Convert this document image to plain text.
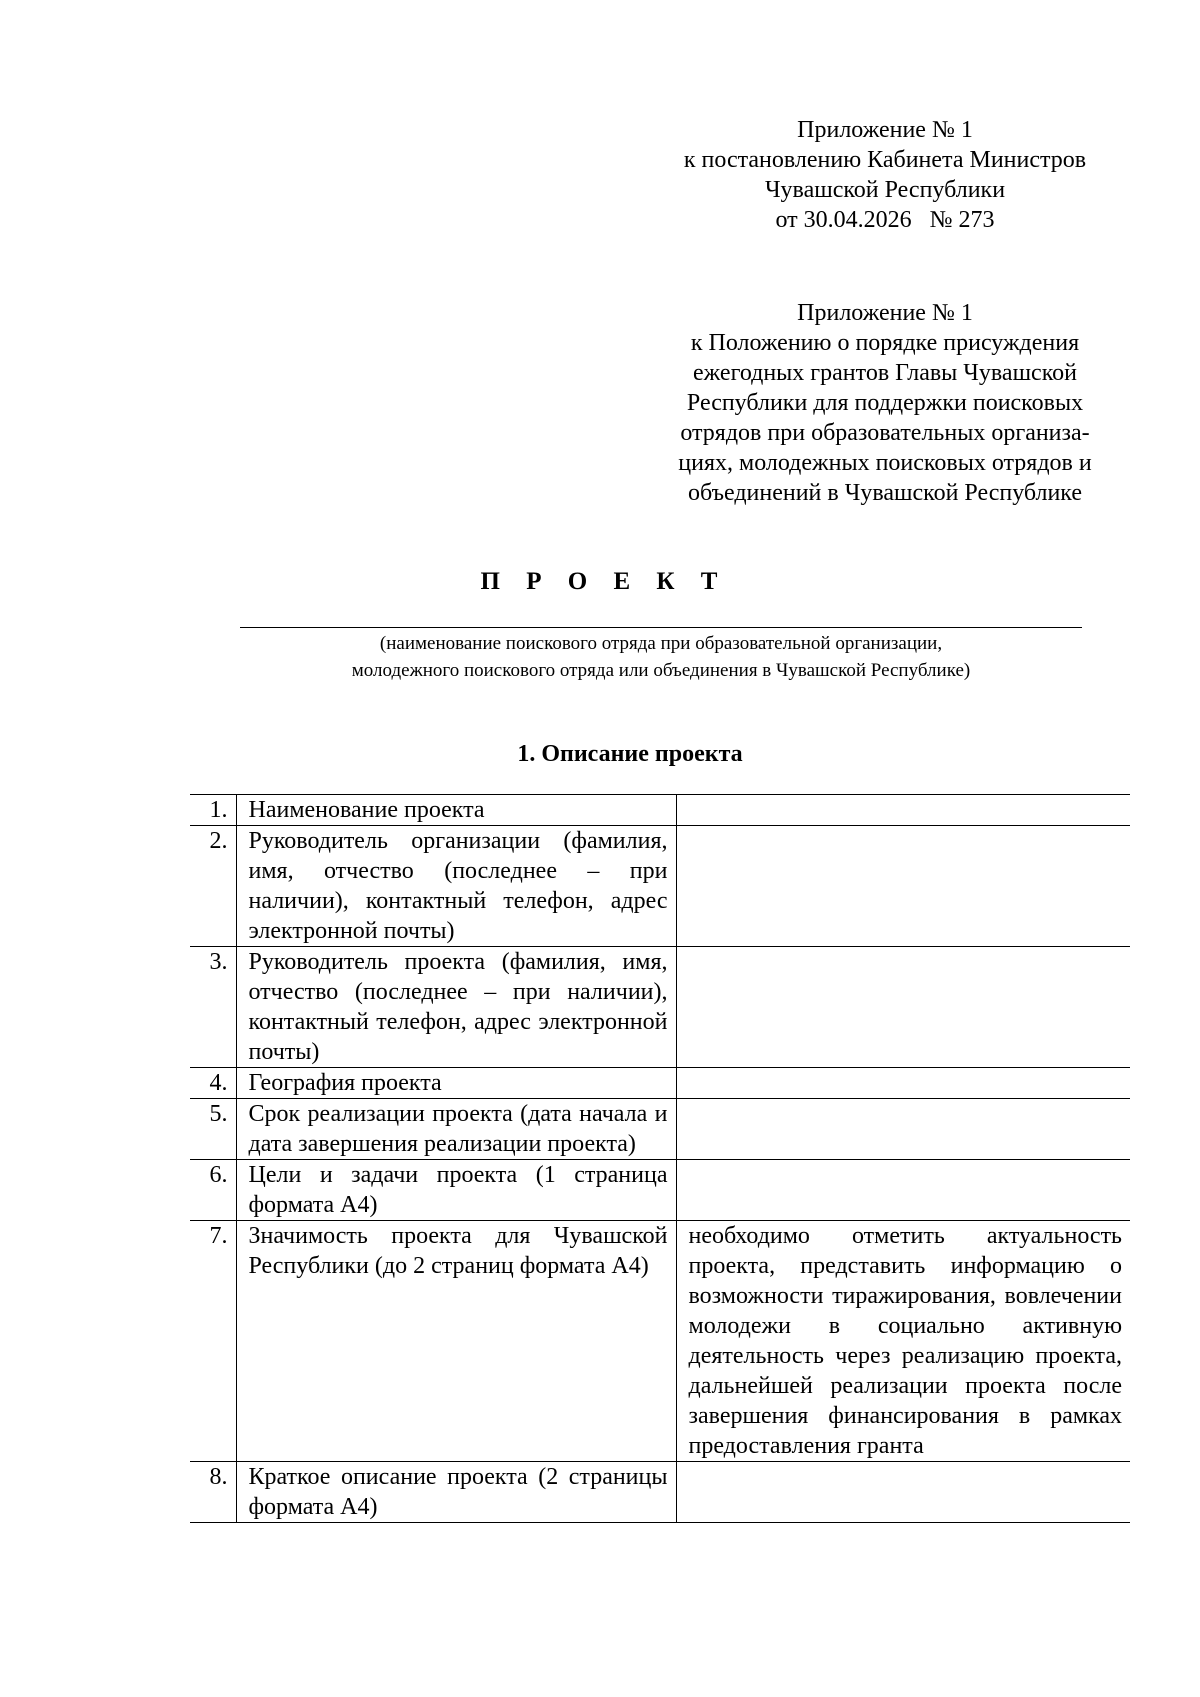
Приложение № 1
к постановлению Кабинета Министров
Чувашской Республики
от 30.04.2026   № 273
Приложение № 1
к Положению о порядке присуждения
ежегодных грантов Главы Чувашской
Республики для поддержки поисковых
отрядов при образовательных организа-
циях, молодежных поисковых отрядов и
объединений в Чувашской Республике
П Р О Е К Т
(наименование поискового отряда при образовательной организации,
молодежного поискового отряда или объединения в Чувашской Республике)
1. Описание проекта
1.	Наименование проекта	
2.	Руководитель организации (фамилия, имя, отчество (последнее – при наличии), контактный телефон, адрес электронной почты)	
3.	Руководитель проекта (фамилия, имя, отчество (последнее – при наличии), контактный телефон, адрес электронной почты)	
4.	География проекта	
5.	Срок реализации проекта (дата начала и дата завершения реализации проекта)	
6.	Цели и задачи проекта (1 страница формата А4)	
7.	Значимость проекта для Чувашской Республики (до 2 страниц формата А4)	необходимо отметить актуальность проекта, представить информацию о возможности тиражирования, вовлечении молодежи в социально активную деятельность через реализацию проекта, дальнейшей реализации проекта после завершения финансирования в рамках предоставления гранта
8.	Краткое описание проекта (2 страницы формата А4)	
